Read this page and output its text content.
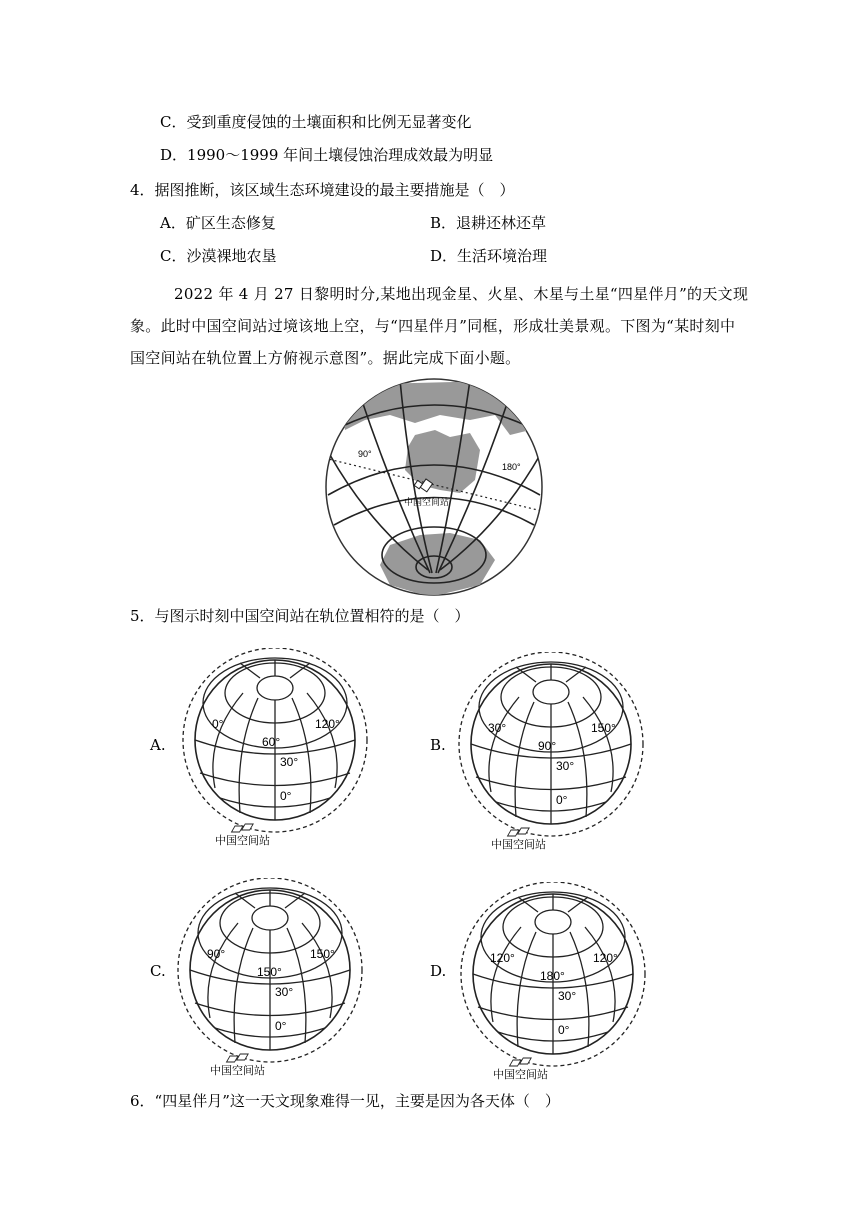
C．受到重度侵蚀的土壤面积和比例无显著变化
D．1990～1999 年间土壤侵蚀治理成效最为明显
4．据图推断，该区域生态环境建设的最主要措施是（　）
A．矿区生态修复	B．退耕还林还草
C．沙漠裸地农垦	D．生活环境治理
2022 年 4 月 27 日黎明时分,某地出现金星、火星、木星与土星“四星伴月”的天文现象。此时中国空间站过境该地上空，与“四星伴月”同框，形成壮美景观。下图为“某时刻中国空间站在轨位置上方俯视示意图”。据此完成下面小题。
90°
180°
中国空间站
5．与图示时刻中国空间站在轨位置相符的是（　）
A.
0°
60°
120°
30°
0°
中国空间站
B.
30°
90°
150°
30°
0°
中国空间站
C.
90°
150°
150°
30°
0°
中国空间站
D.
120°
180°
120°
30°
0°
中国空间站
6．“四星伴月”这一天文现象难得一见，主要是因为各天体（　）
